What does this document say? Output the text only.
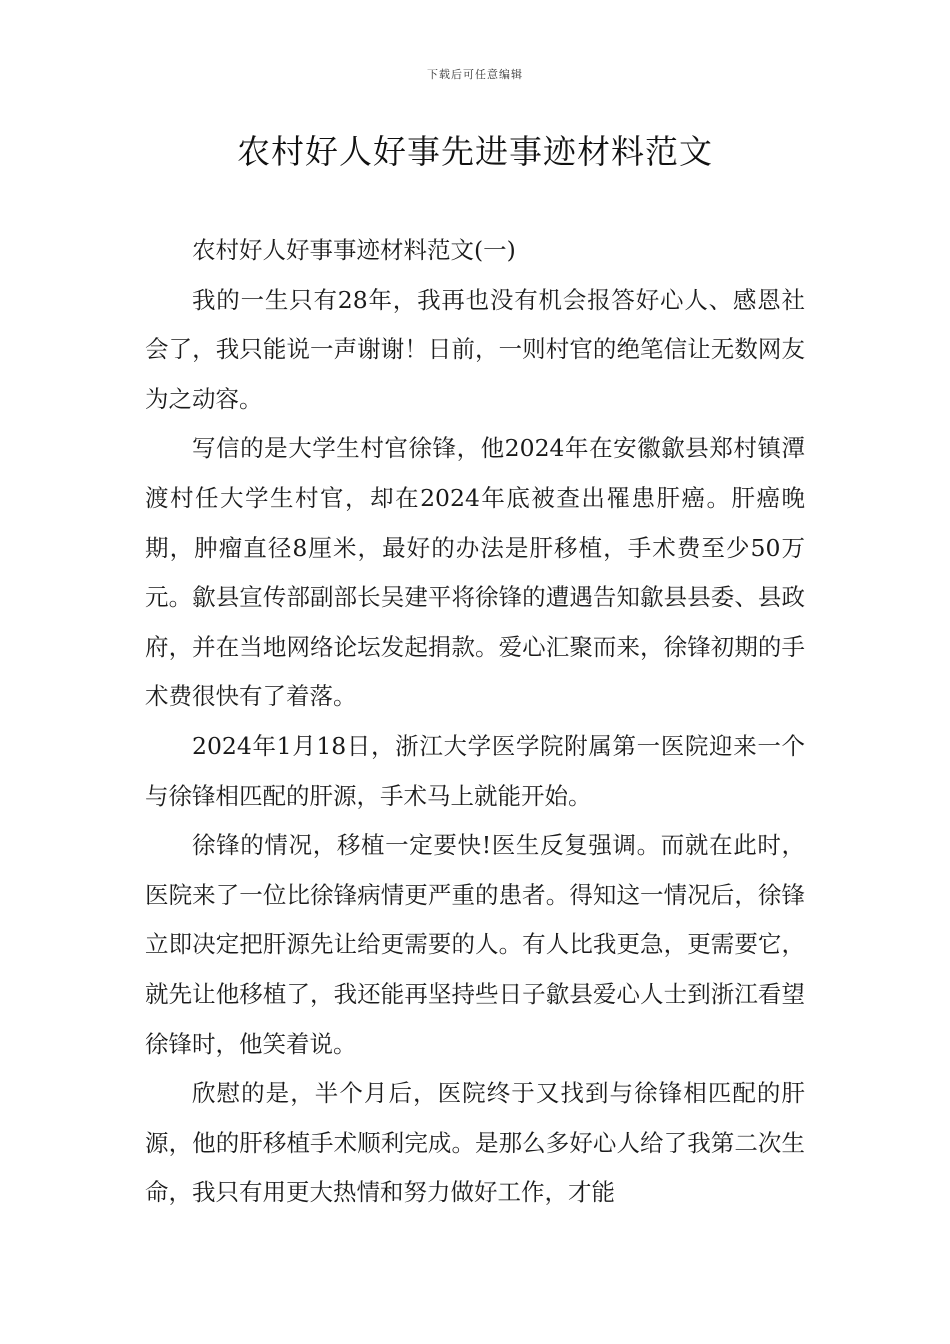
下载后可任意编辑
农村好人好事先进事迹材料范文

农村好人好事事迹材料范文(一)

我的一生只有28年，我再也没有机会报答好心人、感恩社会了，我只能说一声谢谢！日前，一则村官的绝笔信让无数网友为之动容。

写信的是大学生村官徐锋，他2024年在安徽歙县郑村镇潭渡村任大学生村官，却在2024年底被查出罹患肝癌。肝癌晚期，肿瘤直径8厘米，最好的办法是肝移植，手术费至少50万元。歙县宣传部副部长吴建平将徐锋的遭遇告知歙县县委、县政府，并在当地网络论坛发起捐款。爱心汇聚而来，徐锋初期的手术费很快有了着落。

2024年1月18日，浙江大学医学院附属第一医院迎来一个与徐锋相匹配的肝源，手术马上就能开始。

徐锋的情况，移植一定要快!医生反复强调。而就在此时，医院来了一位比徐锋病情更严重的患者。得知这一情况后，徐锋立即决定把肝源先让给更需要的人。有人比我更急，更需要它，就先让他移植了，我还能再坚持些日子歙县爱心人士到浙江看望徐锋时，他笑着说。

欣慰的是，半个月后，医院终于又找到与徐锋相匹配的肝源，他的肝移植手术顺利完成。是那么多好心人给了我第二次生命，我只有用更大热情和努力做好工作，才能
